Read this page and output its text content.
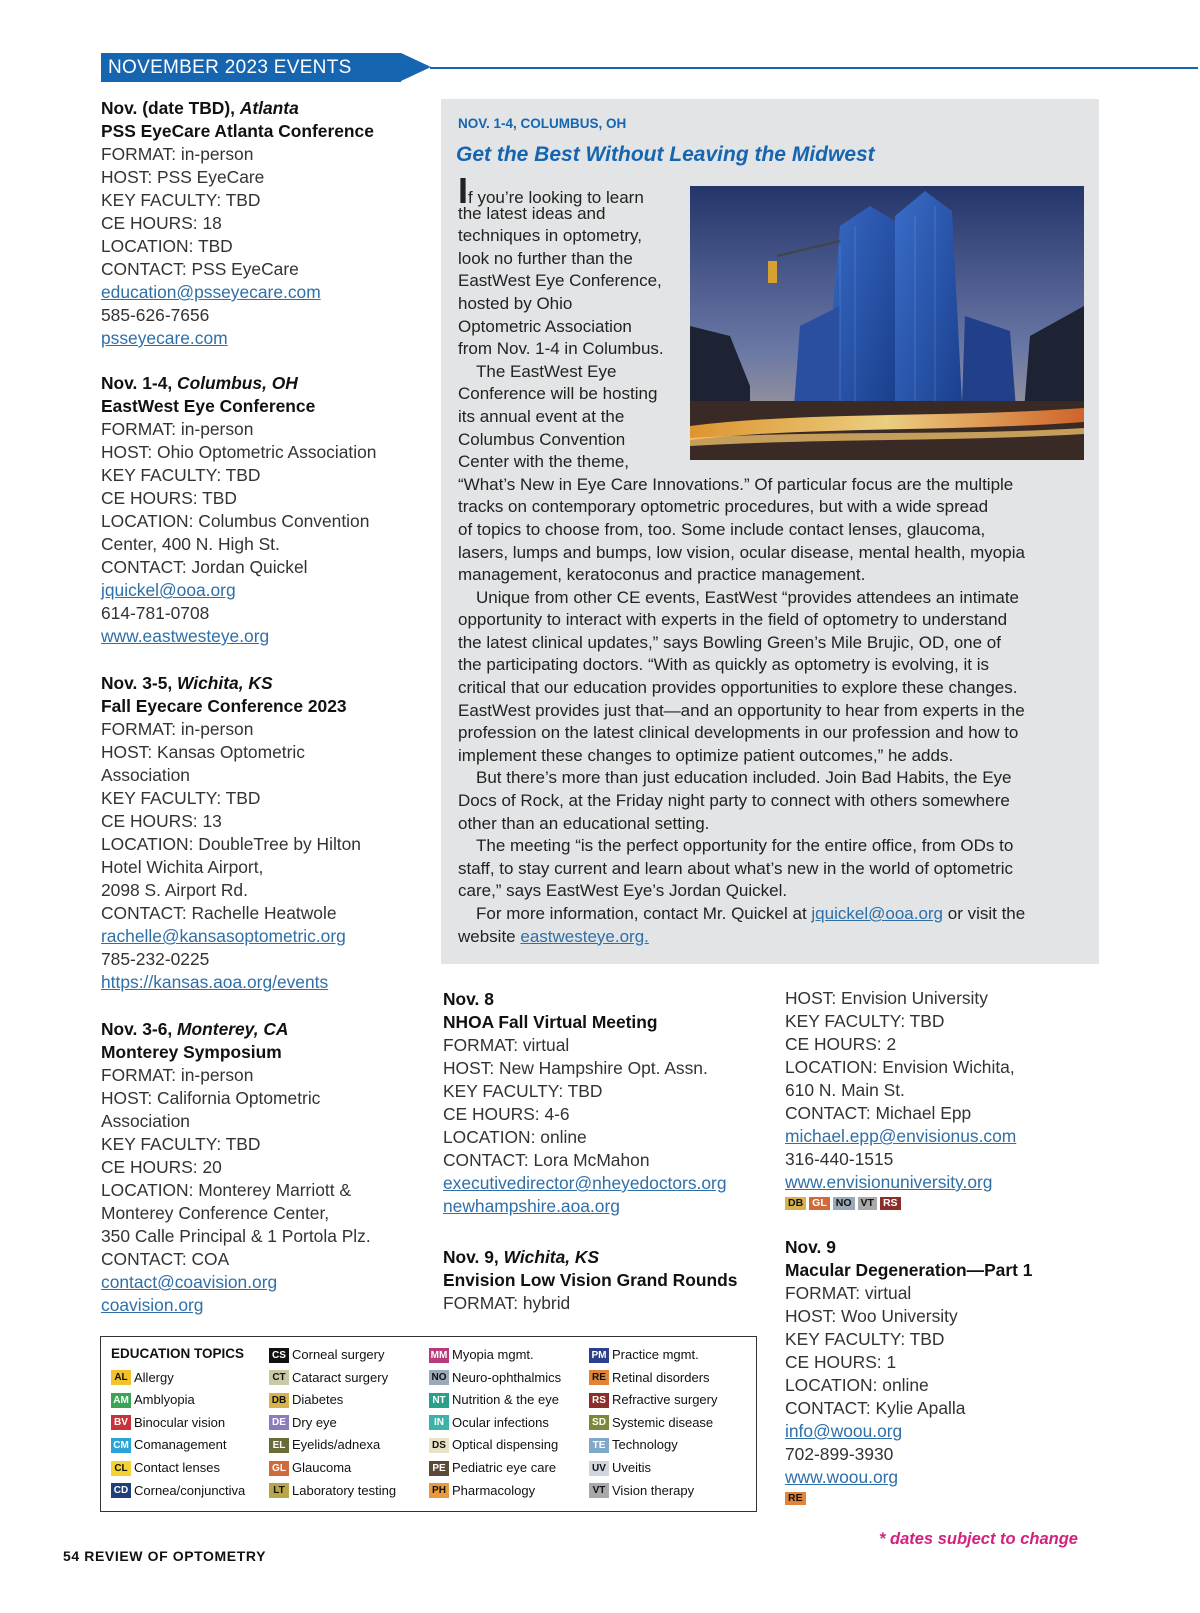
NOVEMBER 2023 EVENTS
Nov. (date TBD), Atlanta
PSS EyeCare Atlanta Conference
FORMAT: in-person
HOST: PSS EyeCare
KEY FACULTY: TBD
CE HOURS: 18
LOCATION: TBD
CONTACT: PSS EyeCare
education@psseyecare.com
585-626-7656
psseyecare.com
Nov. 1-4, Columbus, OH
EastWest Eye Conference
FORMAT: in-person
HOST: Ohio Optometric Association
KEY FACULTY: TBD
CE HOURS: TBD
LOCATION: Columbus Convention
Center, 400 N. High St.
CONTACT: Jordan Quickel
jquickel@ooa.org
614-781-0708
www.eastwesteye.org
Nov. 3-5, Wichita, KS
Fall Eyecare Conference 2023
FORMAT: in-person
HOST: Kansas Optometric
Association
KEY FACULTY: TBD
CE HOURS: 13
LOCATION: DoubleTree by Hilton
Hotel Wichita Airport,
2098 S. Airport Rd.
CONTACT: Rachelle Heatwole
rachelle@kansasoptometric.org
785-232-0225
https://kansas.aoa.org/events
Nov. 3-6, Monterey, CA
Monterey Symposium
FORMAT: in-person
HOST: California Optometric
Association
KEY FACULTY: TBD
CE HOURS: 20
LOCATION: Monterey Marriott &
Monterey Conference Center,
350 Calle Principal & 1 Portola Plz.
CONTACT: COA
contact@coavision.org
coavision.org
Nov. 8
NHOA Fall Virtual Meeting
FORMAT: virtual
HOST: New Hampshire Opt. Assn.
KEY FACULTY: TBD
CE HOURS: 4-6
LOCATION: online
CONTACT: Lora McMahon
executivedirector@nheyedoctors.org
newhampshire.aoa.org
Nov. 9, Wichita, KS
Envision Low Vision Grand Rounds
FORMAT: hybrid
HOST: Envision University
KEY FACULTY: TBD
CE HOURS: 2
LOCATION: Envision Wichita,
610 N. Main St.
CONTACT: Michael Epp
michael.epp@envisionus.com
316-440-1515
www.envisionuniversity.org
DB GL NO VT RS
Nov. 9
Macular Degeneration—Part 1
FORMAT: virtual
HOST: Woo University
KEY FACULTY: TBD
CE HOURS: 1
LOCATION: online
CONTACT: Kylie Apalla
info@woou.org
702-899-3930
www.woou.org
RE
NOV. 1-4, COLUMBUS, OH
Get the Best Without Leaving the Midwest
If you’re looking to learn
the latest ideas and
techniques in optometry,
look no further than the
EastWest Eye Conference,
hosted by Ohio
Optometric Association
from Nov. 1-4 in Columbus.
The EastWest Eye
Conference will be hosting
its annual event at the
Columbus Convention
Center with the theme,
“What’s New in Eye Care Innovations.” Of particular focus are the multiple
tracks on contemporary optometric procedures, but with a wide spread
of topics to choose from, too. Some include contact lenses, glaucoma,
lasers, lumps and bumps, low vision, ocular disease, mental health, myopia
management, keratoconus and practice management.
Unique from other CE events, EastWest “provides attendees an intimate
opportunity to interact with experts in the field of optometry to understand
the latest clinical updates,” says Bowling Green’s Mile Brujic, OD, one of
the participating doctors. “With as quickly as optometry is evolving, it is
critical that our education provides opportunities to explore these changes.
EastWest provides just that—and an opportunity to hear from experts in the
profession on the latest clinical developments in our profession and how to
implement these changes to optimize patient outcomes,” he adds.
But there’s more than just education included. Join Bad Habits, the Eye
Docs of Rock, at the Friday night party to connect with others somewhere
other than an educational setting.
The meeting “is the perfect opportunity for the entire office, from ODs to
staff, to stay current and learn about what’s new in the world of optometric
care,” says EastWest Eye’s Jordan Quickel.
For more information, contact Mr. Quickel at jquickel@ooa.org or visit the
website eastwesteye.org.
EDUCATION TOPICS
AL Allergy
AM Amblyopia
BV Binocular vision
CM Comanagement
CL Contact lenses
CD Cornea/conjunctiva
CS Corneal surgery
CT Cataract surgery
DB Diabetes
DE Dry eye
EL Eyelids/adnexa
GL Glaucoma
LT Laboratory testing
MM Myopia mgmt.
NO Neuro-ophthalmics
NT Nutrition & the eye
IN Ocular infections
DS Optical dispensing
PE Pediatric eye care
PH Pharmacology
PM Practice mgmt.
RE Retinal disorders
RS Refractive surgery
SD Systemic disease
TE Technology
UV Uveitis
VT Vision therapy
54 REVIEW OF OPTOMETRY
* dates subject to change
